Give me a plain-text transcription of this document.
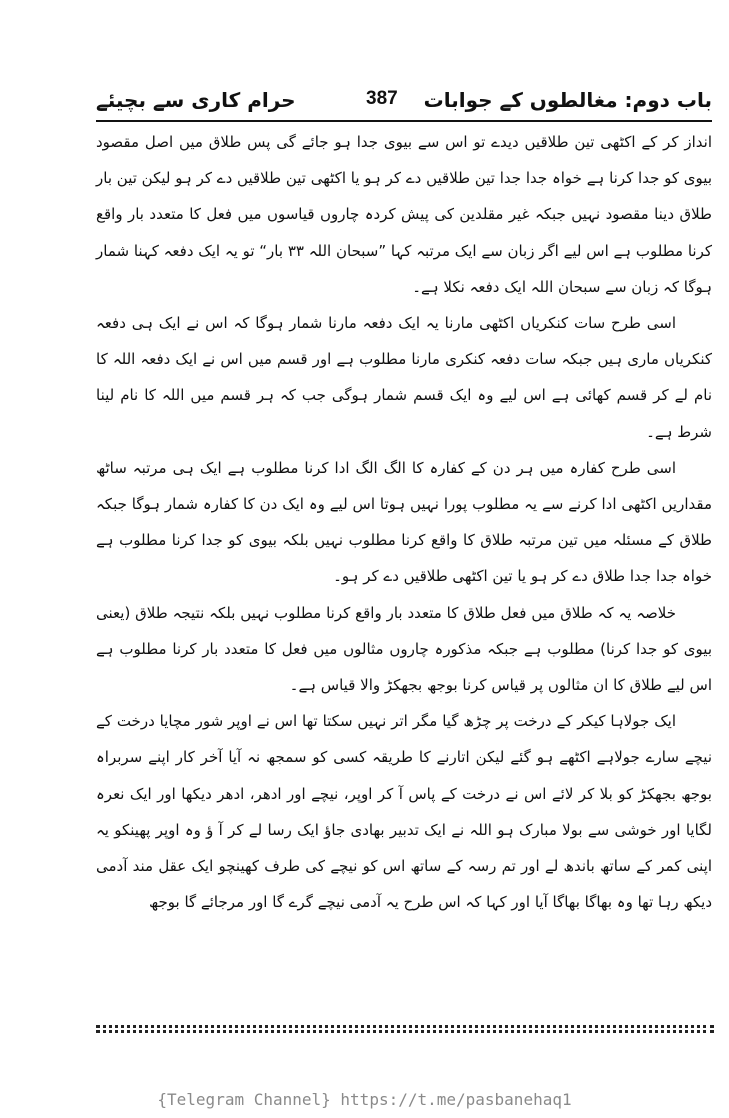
حرام کاری سے بچیئے	387 باب دوم: مغالطوں کے جوابات

انداز کر کے اکٹھی تین طلاقیں دیدے تو اس سے بیوی جدا ہو جائے گی پس طلاق میں اصل مقصود بیوی کو جدا کرنا ہے خواہ جدا جدا تین طلاقیں دے کر ہو یا اکٹھی تین طلاقیں دے کر ہو لیکن تین بار طلاق دینا مقصود نہیں جبکہ غیر مقلدین کی پیش کردہ چاروں قیاسوں میں فعل کا متعدد بار واقع کرنا مطلوب ہے اس لیے اگر زبان سے ایک مرتبہ کہا ”سبحان اللہ ۳۳ بار“ تو یہ ایک دفعہ کہنا شمار ہوگا کہ زبان سے سبحان اللہ ایک دفعہ نکلا ہے۔

اسی طرح سات کنکریاں اکٹھی مارنا یہ ایک دفعہ مارنا شمار ہوگا کہ اس نے ایک ہی دفعہ کنکریاں ماری ہیں جبکہ سات دفعہ کنکری مارنا مطلوب ہے اور قسم میں اس نے ایک دفعہ اللہ کا نام لے کر قسم کھائی ہے اس لیے وہ ایک قسم شمار ہوگی جب کہ ہر قسم میں اللہ کا نام لینا شرط ہے۔

اسی طرح کفارہ میں ہر دن کے کفارہ کا الگ الگ ادا کرنا مطلوب ہے ایک ہی مرتبہ ساٹھ مقداریں اکٹھی ادا کرنے سے یہ مطلوب پورا نہیں ہوتا اس لیے وہ ایک دن کا کفارہ شمار ہوگا جبکہ طلاق کے مسئلہ میں تین مرتبہ طلاق کا واقع کرنا مطلوب نہیں بلکہ بیوی کو جدا کرنا مطلوب ہے خواہ جدا جدا طلاق دے کر ہو یا تین اکٹھی طلاقیں دے کر ہو۔

خلاصہ یہ کہ طلاق میں فعل طلاق کا متعدد بار واقع کرنا مطلوب نہیں بلکہ نتیجہ طلاق (یعنی بیوی کو جدا کرنا) مطلوب ہے جبکہ مذکورہ چاروں مثالوں میں فعل کا متعدد بار کرنا مطلوب ہے اس لیے طلاق کا ان مثالوں پر قیاس کرنا بوجھ بجھکڑ والا قیاس ہے۔

ایک جولاہا کیکر کے درخت پر چڑھ گیا مگر اتر نہیں سکتا تھا اس نے اوپر شور مچایا درخت کے نیچے سارے جولاہے اکٹھے ہو گئے لیکن اتارنے کا طریقہ کسی کو سمجھ نہ آیا آخر کار اپنے سربراہ بوجھ بجھکڑ کو بلا کر لائے اس نے درخت کے پاس آ کر اوپر، نیچے اور ادھر، ادھر دیکھا اور ایک نعرہ لگایا اور خوشی سے بولا مبارک ہو اللہ نے ایک تدبیر بھادی جاؤ ایک رسا لے کر آ ؤ وہ اوپر پھینکو یہ اپنی کمر کے ساتھ باندھ لے اور تم رسہ کے ساتھ اس کو نیچے کی طرف کھینچو ایک عقل مند آدمی دیکھ رہا تھا وہ بھاگا بھاگا آیا اور کہا کہ اس طرح یہ آدمی نیچے گرے گا اور مرجائے گا بوجھ

{Telegram Channel} https://t.me/pasbanehaq1
